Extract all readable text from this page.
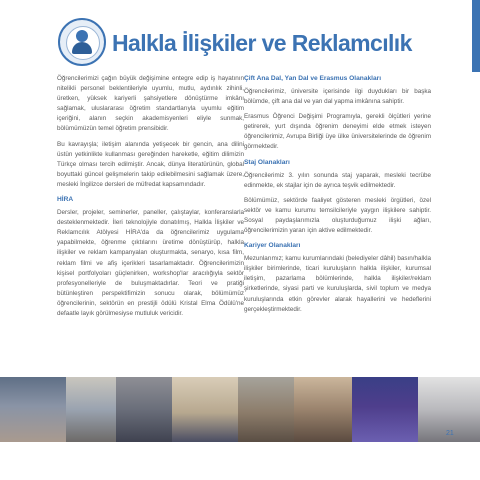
Halkla İlişkiler ve Reklamcılık

Öğrencilerimizi çağın büyük değişimine entegre edip iş hayatının nitelikli personel beklentileriyle uyumlu, mutlu, aydınlık zihinli, üretken, yüksek kariyerli şahsiyetlere dönüştürme imkânı sağlamak, uluslararası öğretim standartlarıyla uyumlu eğitim içeriğini, alanın seçkin akademisyenleri eliyle sunmak, bölümümüzün temel öğretim prensibidir.

Bu kavrayışla; iletişim alanında yetişecek bir gencin, ana dilini üstün yetkinlikte kullanması gereğinden hareketle, eğitim dilimizin Türkçe olması tercih edilmiştir. Ancak, dünya literatürünün, global boyuttaki güncel gelişmelerin takip edilebilmesini sağlamak üzere, mesleki İngilizce dersleri de müfredat kapsamındadır.

HİRA

Dersler, projeler, seminerler, paneller, çalıştaylar, konferanslarla desteklenmektedir. İleri teknolojiyle donatılmış, Halkla İlişkiler ve Reklamcılık Atölyesi HİRA'da da öğrencilerimiz uygulama yapabilmekte, öğrenme çıktılarını üretime dönüştürüp, halkla ilişkiler ve reklam kampanyaları oluşturmakta, senaryo, kısa film, reklam filmi ve afiş içerikleri tasarlamaktadır. Öğrencilerimizin kişisel portfolyoları güçlenirken, workshop'lar aracılığıyla sektör profesyonelleriyle de buluşmaktadırlar. Teori ve pratiği bütünleştiren perspektifimizin sonucu olarak, bölümümüz öğrencilerinin, sektörün en prestijli ödülü Kristal Elma Ödülü'ne defaatle layık görülmesiyse mutluluk vericidir.

Çift Ana Dal, Yan Dal ve Erasmus Olanakları

Öğrencilerimiz, üniversite içerisinde ilgi duydukları bir başka bölümde, çift ana dal ve yan dal yapma imkânına sahiptir.

Erasmus Öğrenci Değişimi Programıyla, gerekli ölçütleri yerine getirerek, yurt dışında öğrenim deneyimi elde etmek isteyen öğrencilerimiz, Avrupa Birliği üye ülke üniversitelerinde de öğrenim görmektedir.

Staj Olanakları

Öğrencilerimiz 3. yılın sonunda staj yaparak, mesleki tecrübe edinmekte, ek stajlar için de ayrıca teşvik edilmektedir.

Bölümümüz, sektörde faaliyet gösteren mesleki örgütleri, özel sektör ve kamu kurumu temsilcileriyle yaygın ilişkilere sahiptir. Sosyal paydaşlarımızla oluşturduğumuz ilişki ağları, öğrencilerimizin yararı için aktive edilmektedir.

Kariyer Olanakları

Mezunlarımız; kamu kurumlarındaki (belediyeler dâhil) basın/halkla ilişkiler birimlerinde, ticari kuruluşların halkla ilişkiler, kurumsal iletişim, pazarlama bölümlerinde, halkla ilişkiler/reklam şirketlerinde, siyasi parti ve kuruluşlarda, sivil toplum ve medya kuruluşlarında etkin görevler alarak hayallerini ve hedeflerini gerçekleştirmektedir.

21
